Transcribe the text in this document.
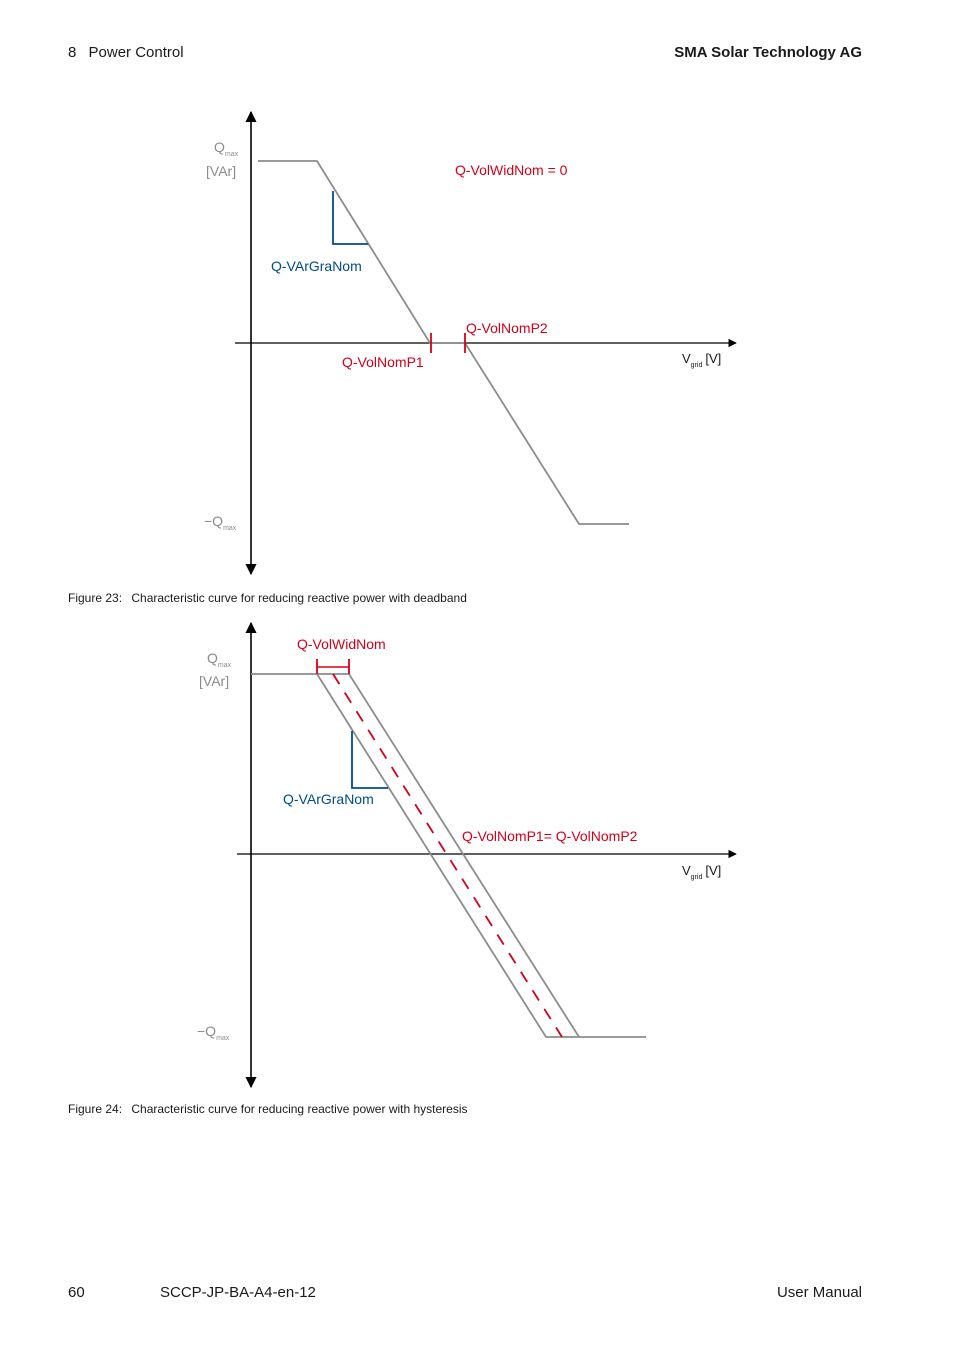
8 Power Control	SMA Solar Technology AG
$Q_{max}$
[VAr]
$-Q_{max}$
$V_{grid}$ [V]
Q-VolWidNom = 0
Q-VArGraNom
Q-VolNomP2
Q-VolNomP1
Figure 23: Characteristic curve for reducing reactive power with deadband
$Q_{max}$
[VAr]
$-Q_{max}$
$V_{grid}$ [V]
Q-VolWidNom
Q-VArGraNom
Q-VolNomP1= Q-VolNomP2
Figure 24: Characteristic curve for reducing reactive power with hysteresis
60	SCCP-JP-BA-A4-en-12	User Manual
